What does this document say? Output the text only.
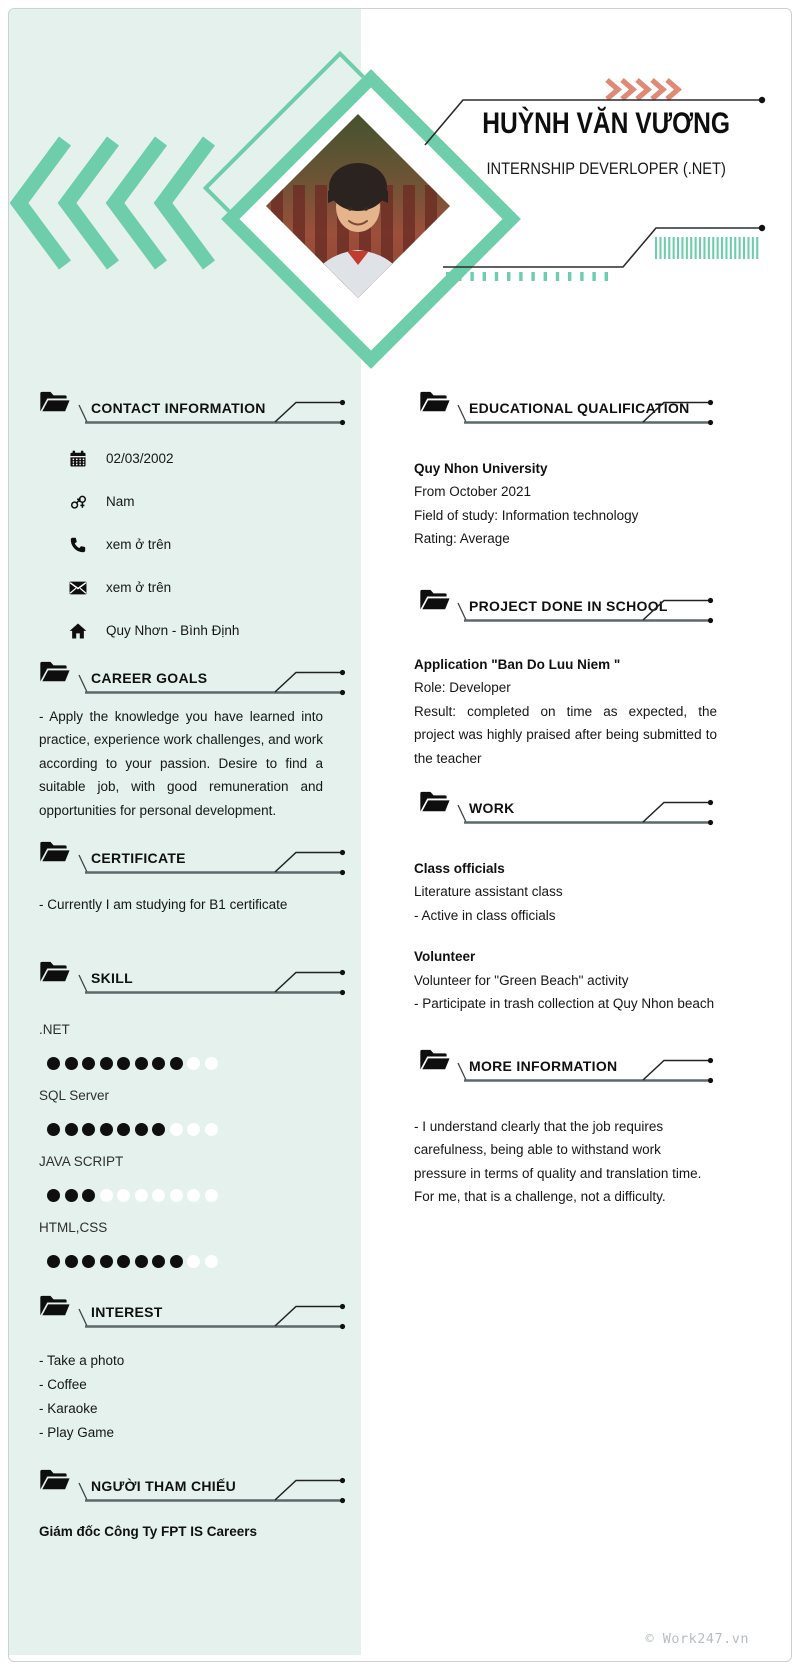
HUỲNH VĂN VƯƠNG
INTERNSHIP DEVERLOPER (.NET)
CONTACT INFORMATION
02/03/2002
Nam
xem ở trên
xem ở trên
Quy Nhơn - Bình Định
CAREER GOALS
- Apply the knowledge you have learned into practice, experience work challenges, and work according to your passion. Desire to find a suitable job, with good remuneration and opportunities for personal development.
CERTIFICATE
- Currently I am studying for B1 certificate
SKILL
.NET
SQL Server
JAVA SCRIPT
HTML,CSS
INTEREST
- Take a photo
- Coffee
- Karaoke
- Play Game
NGƯỜI THAM CHIẾU
Giám đốc Công Ty FPT IS Careers
EDUCATIONAL QUALIFICATION
Quy Nhon University
From October 2021
Field of study: Information technology
Rating: Average
PROJECT DONE IN SCHOOL
Application "Ban Do Luu Niem "
Role: Developer
Result: completed on time as expected, the project was highly praised after being submitted to the teacher
WORK
Class officials
Literature assistant class
- Active in class officials
Volunteer
Volunteer for "Green Beach" activity
- Participate in trash collection at Quy Nhon beach
MORE INFORMATION
- I understand clearly that the job requires carefulness, being able to withstand work pressure in terms of quality and translation time. For me, that is a challenge, not a difficulty.
© Work247.vn
